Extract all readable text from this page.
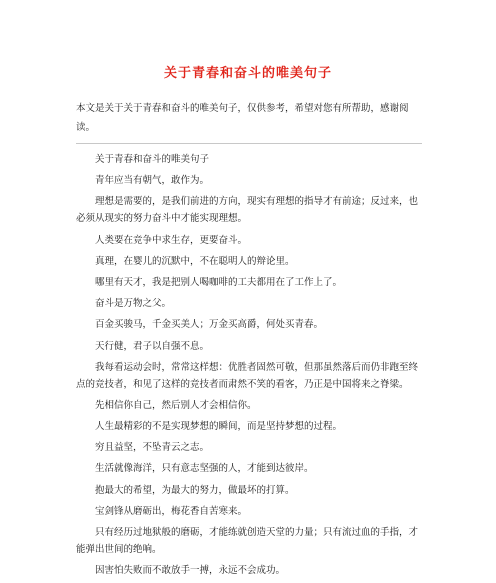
关于青春和奋斗的唯美句子
本文是关于关于青春和奋斗的唯美句子，仅供参考，希望对您有所帮助，感谢阅读。

关于青春和奋斗的唯美句子

青年应当有朝气，敢作为。

理想是需要的，是我们前进的方向，现实有理想的指导才有前途；反过来，也必须从现实的努力奋斗中才能实现理想。

人类要在竞争中求生存，更要奋斗。

真理，在婴儿的沉默中，不在聪明人的辩论里。

哪里有天才，我是把别人喝咖啡的工夫都用在了工作上了。

奋斗是万物之父。

百金买骏马，千金买美人；万金买高爵，何处买青春。

天行健，君子以自强不息。

我每看运动会时，常常这样想：优胜者固然可敬，但那虽然落后而仍非跑至终点的竞技者，和见了这样的竞技者而肃然不笑的看客，乃正是中国将来之脊梁。

先相信你自己，然后别人才会相信你。

人生最精彩的不是实现梦想的瞬间，而是坚持梦想的过程。

穷且益坚，不坠青云之志。

生活就像海洋，只有意志坚强的人，才能到达彼岸。

抱最大的希望，为最大的努力，做最坏的打算。

宝剑锋从磨砺出，梅花香自苦寒来。

只有经历过地狱般的磨砺，才能练就创造天堂的力量；只有流过血的手指，才能弹出世间的绝响。

因害怕失败而不敢放手一搏，永远不会成功。
